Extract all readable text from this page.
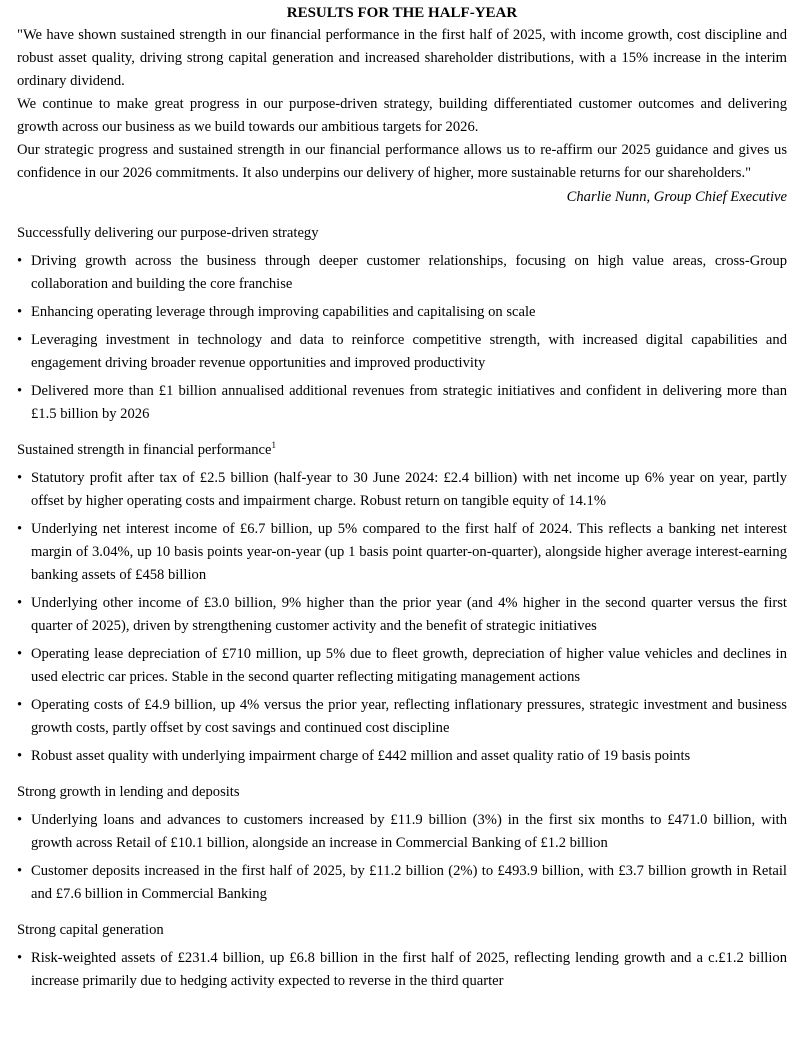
RESULTS FOR THE HALF-YEAR

"We have shown sustained strength in our financial performance in the first half of 2025, with income growth, cost discipline and robust asset quality, driving strong capital generation and increased shareholder distributions, with a 15% increase in the interim ordinary dividend.

We continue to make great progress in our purpose-driven strategy, building differentiated customer outcomes and delivering growth across our business as we build towards our ambitious targets for 2026.

Our strategic progress and sustained strength in our financial performance allows us to re-affirm our 2025 guidance and gives us confidence in our 2026 commitments. It also underpins our delivery of higher, more sustainable returns for our shareholders."

Charlie Nunn, Group Chief Executive
Successfully delivering our purpose-driven strategy
• Driving growth across the business through deeper customer relationships, focusing on high value areas, cross-Group collaboration and building the core franchise
• Enhancing operating leverage through improving capabilities and capitalising on scale
• Leveraging investment in technology and data to reinforce competitive strength, with increased digital capabilities and engagement driving broader revenue opportunities and improved productivity
• Delivered more than £1 billion annualised additional revenues from strategic initiatives and confident in delivering more than £1.5 billion by 2026
Sustained strength in financial performance$^1$
• Statutory profit after tax of £2.5 billion (half-year to 30 June 2024: £2.4 billion) with net income up 6% year on year, partly offset by higher operating costs and impairment charge. Robust return on tangible equity of 14.1%
• Underlying net interest income of £6.7 billion, up 5% compared to the first half of 2024. This reflects a banking net interest margin of 3.04%, up 10 basis points year-on-year (up 1 basis point quarter-on-quarter), alongside higher average interest-earning banking assets of £458 billion
• Underlying other income of £3.0 billion, 9% higher than the prior year (and 4% higher in the second quarter versus the first quarter of 2025), driven by strengthening customer activity and the benefit of strategic initiatives
• Operating lease depreciation of £710 million, up 5% due to fleet growth, depreciation of higher value vehicles and declines in used electric car prices. Stable in the second quarter reflecting mitigating management actions
• Operating costs of £4.9 billion, up 4% versus the prior year, reflecting inflationary pressures, strategic investment and business growth costs, partly offset by cost savings and continued cost discipline
• Robust asset quality with underlying impairment charge of £442 million and asset quality ratio of 19 basis points
Strong growth in lending and deposits
• Underlying loans and advances to customers increased by £11.9 billion (3%) in the first six months to £471.0 billion, with growth across Retail of £10.1 billion, alongside an increase in Commercial Banking of £1.2 billion
• Customer deposits increased in the first half of 2025, by £11.2 billion (2%) to £493.9 billion, with £3.7 billion growth in Retail and £7.6 billion in Commercial Banking
Strong capital generation
• Risk-weighted assets of £231.4 billion, up £6.8 billion in the first half of 2025, reflecting lending growth and a c.£1.2 billion increase primarily due to hedging activity expected to reverse in the third quarter
